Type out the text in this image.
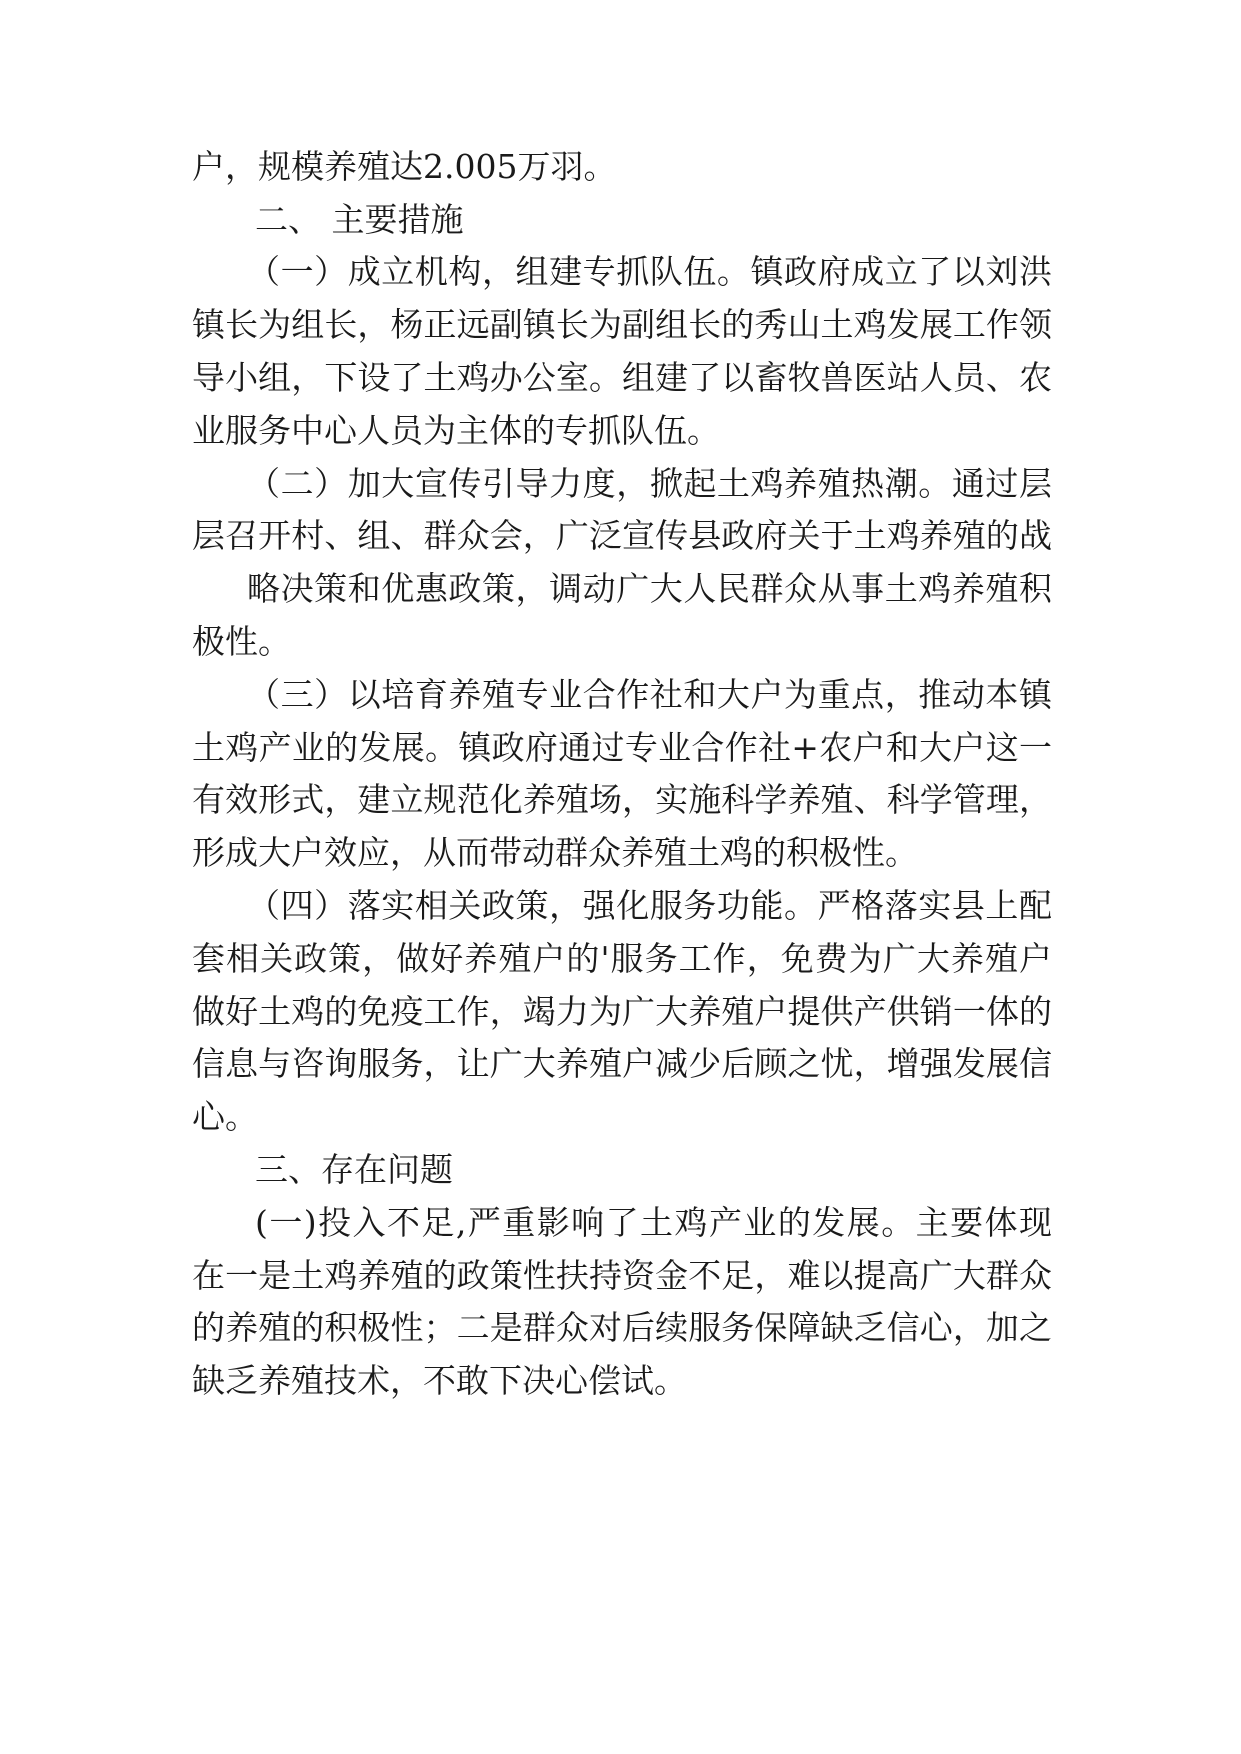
户，规模养殖达2.005万羽。
二、 主要措施
（一）成立机构，组建专抓队伍。镇政府成立了以刘洪
镇长为组长，杨正远副镇长为副组长的秀山土鸡发展工作领
导小组，下设了土鸡办公室。组建了以畜牧兽医站人员、农
业服务中心人员为主体的专抓队伍。
（二）加大宣传引导力度，掀起土鸡养殖热潮。通过层
层召开村、组、群众会，广泛宣传县政府关于土鸡养殖的战
略决策和优惠政策，调动广大人民群众从事土鸡养殖积
极性。
（三）以培育养殖专业合作社和大户为重点，推动本镇
土鸡产业的发展。镇政府通过专业合作社+农户和大户这一
有效形式，建立规范化养殖场，实施科学养殖、科学管理，
形成大户效应，从而带动群众养殖土鸡的积极性。
（四）落实相关政策，强化服务功能。严格落实县上配
套相关政策，做好养殖户的'服务工作，免费为广大养殖户
做好土鸡的免疫工作，竭力为广大养殖户提供产供销一体的
信息与咨询服务，让广大养殖户减少后顾之忧，增强发展信
心。
三、存在问题
(一)投入不足,严重影响了土鸡产业的发展。主要体现
在一是土鸡养殖的政策性扶持资金不足，难以提高广大群众
的养殖的积极性；二是群众对后续服务保障缺乏信心，加之
缺乏养殖技术，不敢下决心偿试。
